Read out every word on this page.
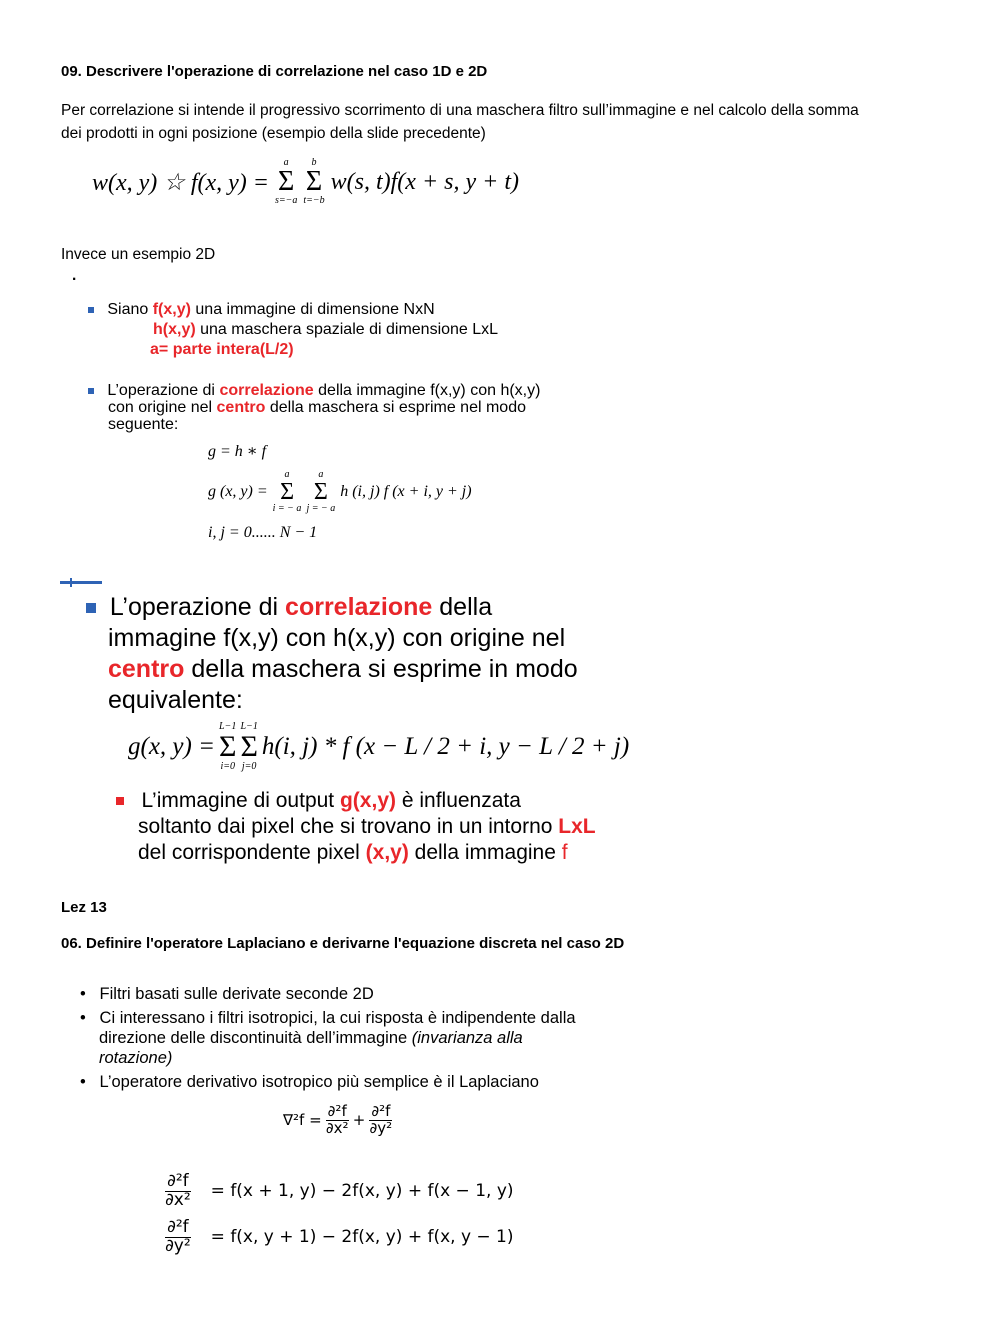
09. Descrivere l'operazione di correlazione nel caso 1D e 2D
Per correlazione si intende il progressivo scorrimento di una maschera filtro sull’immagine e nel calcolo della somma
dei prodotti in ogni posizione (esempio della slide precedente)
w(x, y) ☆ f(x, y) =
a
Σ
s=−a
b
Σ
t=−b
w(s, t)f(x + s, y + t)
Invece un esempio 2D
.
Siano f(x,y) una immagine di dimensione NxN
h(x,y) una maschera spaziale di dimensione LxL
a= parte intera(L/2)
L’operazione di correlazione della immagine f(x,y) con h(x,y)
con origine nel centro della maschera si esprime nel modo
seguente:
g = h ∗ f
g (x, y) =
a
Σ
i = − a
a
Σ
j = − a
h (i, j) f (x + i, y + j)
i, j = 0...... N − 1
L’operazione di correlazione della
immagine f(x,y) con h(x,y) con origine nel
centro della maschera si esprime in modo
equivalente:
g(x, y) =
L−1
Σ
i=0
L−1
Σ
j=0
h(i, j) * f (x − L / 2 + i, y − L / 2 + j)
L’immagine di output g(x,y) è influenzata
soltanto dai pixel che si trovano in un intorno LxL
del corrispondente pixel (x,y) della immagine f
Lez 13
06. Definire l'operatore Laplaciano e derivarne l'equazione discreta nel caso 2D
• Filtri basati sulle derivate seconde 2D
• Ci interessano i filtri isotropici, la cui risposta è indipendente dalla
direzione delle discontinuità dell’immagine (invarianza alla
rotazione)
• L’operatore derivativo isotropico più semplice è il Laplaciano
$\nabla^2f = \frac{\text{∂²f}}{\text{∂x²}} + \frac{\text{∂²f}}{\text{∂y²}}$
$\frac{\text{∂²f}}{\text{∂x²}} = f(x + 1$, y) − 2f(x, y) + f(x − 1, y)
$\frac{\text{∂²f}}{\text{∂y²}} = f(x$, y + 1) − 2f(x, y) + f(x, y − 1)
